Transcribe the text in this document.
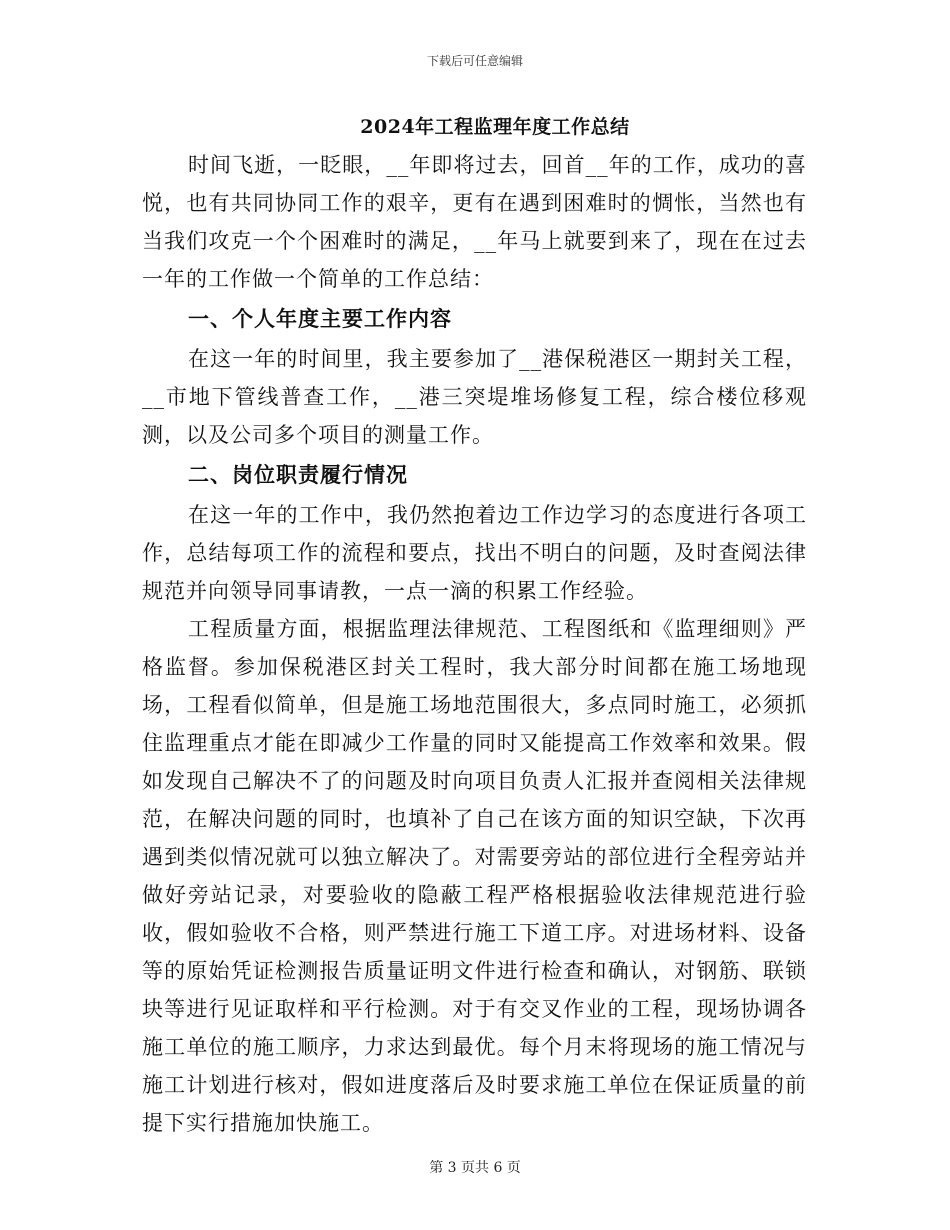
下载后可任意编辑
2024年工程监理年度工作总结

时间飞逝，一眨眼，__年即将过去，回首__年的工作，成功的喜悦，也有共同协同工作的艰辛，更有在遇到困难时的惆怅，当然也有当我们攻克一个个困难时的满足，__年马上就要到来了，现在在过去一年的工作做一个简单的工作总结：

一、个人年度主要工作内容

在这一年的时间里，我主要参加了__港保税港区一期封关工程，__市地下管线普查工作，__港三突堤堆场修复工程，综合楼位移观测，以及公司多个项目的测量工作。

二、岗位职责履行情况

在这一年的工作中，我仍然抱着边工作边学习的态度进行各项工作，总结每项工作的流程和要点，找出不明白的问题，及时查阅法律规范并向领导同事请教，一点一滴的积累工作经验。

工程质量方面，根据监理法律规范、工程图纸和《监理细则》严格监督。参加保税港区封关工程时，我大部分时间都在施工场地现场，工程看似简单，但是施工场地范围很大，多点同时施工，必须抓住监理重点才能在即减少工作量的同时又能提高工作效率和效果。假如发现自己解决不了的问题及时向项目负责人汇报并查阅相关法律规范，在解决问题的同时，也填补了自己在该方面的知识空缺，下次再遇到类似情况就可以独立解决了。对需要旁站的部位进行全程旁站并做好旁站记录，对要验收的隐蔽工程严格根据验收法律规范进行验收，假如验收不合格，则严禁进行施工下道工序。对进场材料、设备等的原始凭证检测报告质量证明文件进行检查和确认，对钢筋、联锁块等进行见证取样和平行检测。对于有交叉作业的工程，现场协调各施工单位的施工顺序，力求达到最优。每个月末将现场的施工情况与施工计划进行核对，假如进度落后及时要求施工单位在保证质量的前提下实行措施加快施工。

第 3 页共 6 页
